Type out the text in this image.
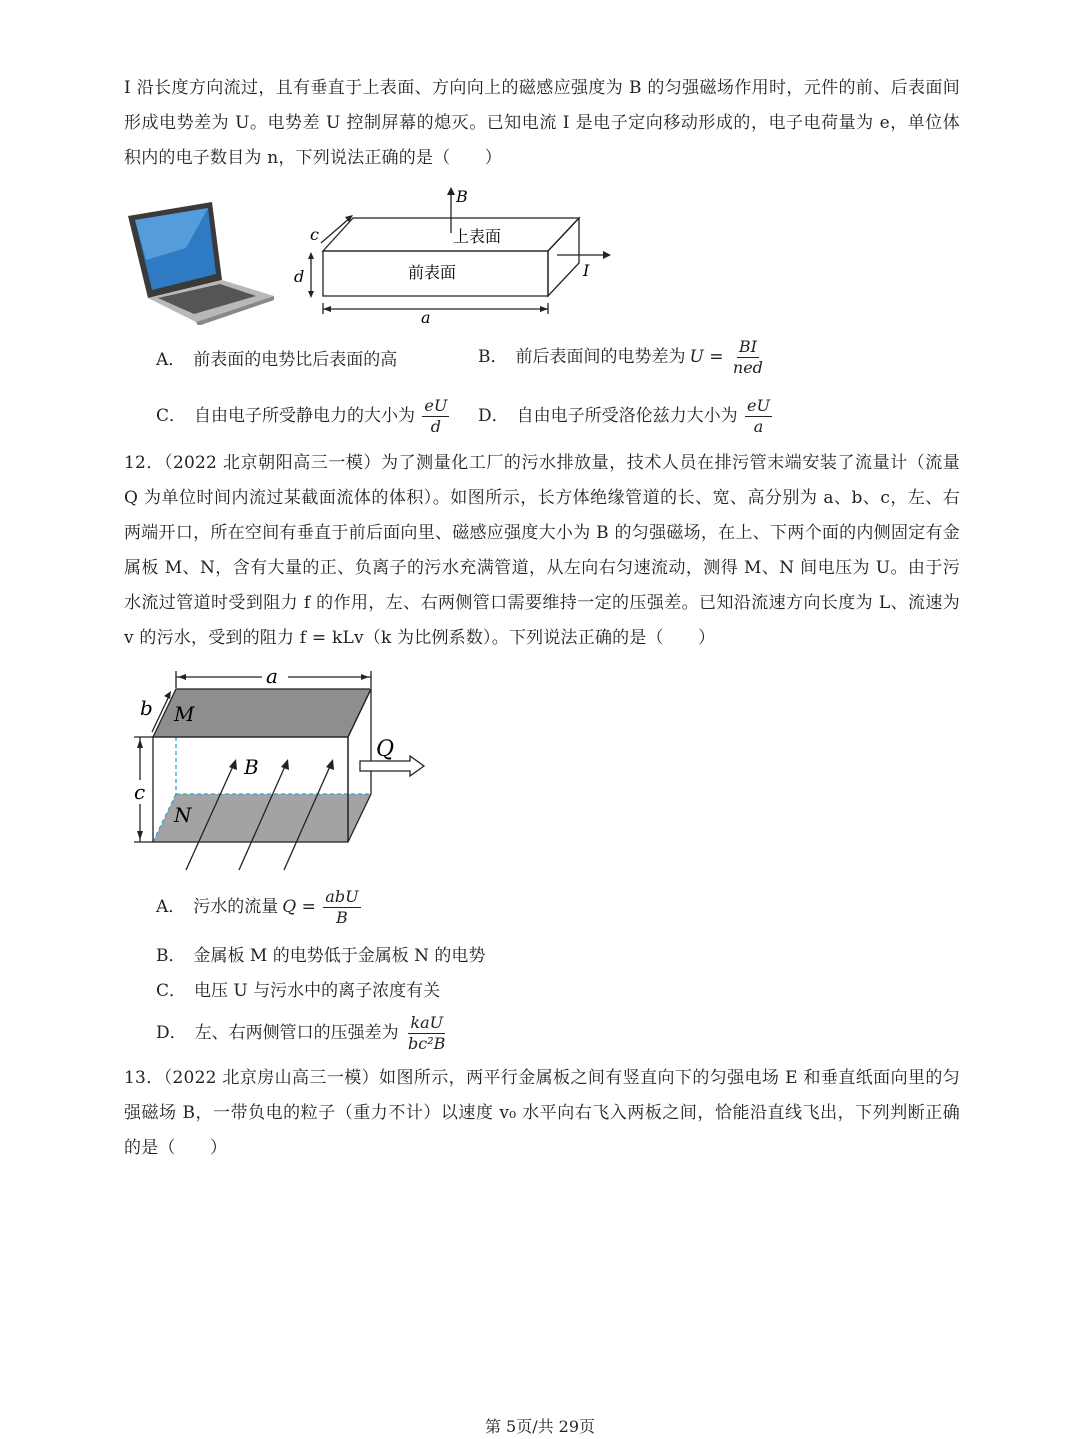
I 沿长度方向流过，且有垂直于上表面、方向向上的磁感应强度为 B 的匀强磁场作用时，元件的前、后表面间形成电势差为 U。电势差 U 控制屏幕的熄灭。已知电流 I 是电子定向移动形成的，电子电荷量为 e，单位体积内的电子数目为 n，下列说法正确的是（　　）

B
c
d
a
I
上表面
前表面
A． 前表面的电势比后表面的高	B． 前后表面间的电势差为 $U = \frac{BI}{\text{ned}}$
C． 自由电子所受静电力的大小为 $\frac{eU}{d}$ D． 自由电子所受洛伦兹力大小为 $\frac{eU}{a}$

12．（2022 北京朝阳高三一模）为了测量化工厂的污水排放量，技术人员在排污管末端安装了流量计（流量 Q 为单位时间内流过某截面流体的体积）。如图所示，长方体绝缘管道的长、宽、高分别为 a、b、c，左、右两端开口，所在空间有垂直于前后面向里、磁感应强度大小为 B 的匀强磁场，在上、下两个面的内侧固定有金属板 M、N，含有大量的正、负离子的污水充满管道，从左向右匀速流动，测得 M、N 间电压为 U。由于污水流过管道时受到阻力 f 的作用，左、右两侧管口需要维持一定的压强差。已知沿流速方向长度为 L、流速为 v 的污水，受到的阻力 f = kLv（k 为比例系数）。下列说法正确的是（　　）

a
b
c
M
N
B
Q
A． 污水的流量 $Q = \frac{\text{abU}}{B}$
B． 金属板 M 的电势低于金属板 N 的电势
C． 电压 U 与污水中的离子浓度有关
D． 左、右两侧管口的压强差为 $\frac{\text{kaU}}{\text{bc²B}}$

13．（2022 北京房山高三一模）如图所示，两平行金属板之间有竖直向下的匀强电场 E 和垂直纸面向里的匀强磁场 B，一带负电的粒子（重力不计）以速度 v₀ 水平向右飞入两板之间，恰能沿直线飞出，下列判断正确的是（　　）

第 5页/共 29页
